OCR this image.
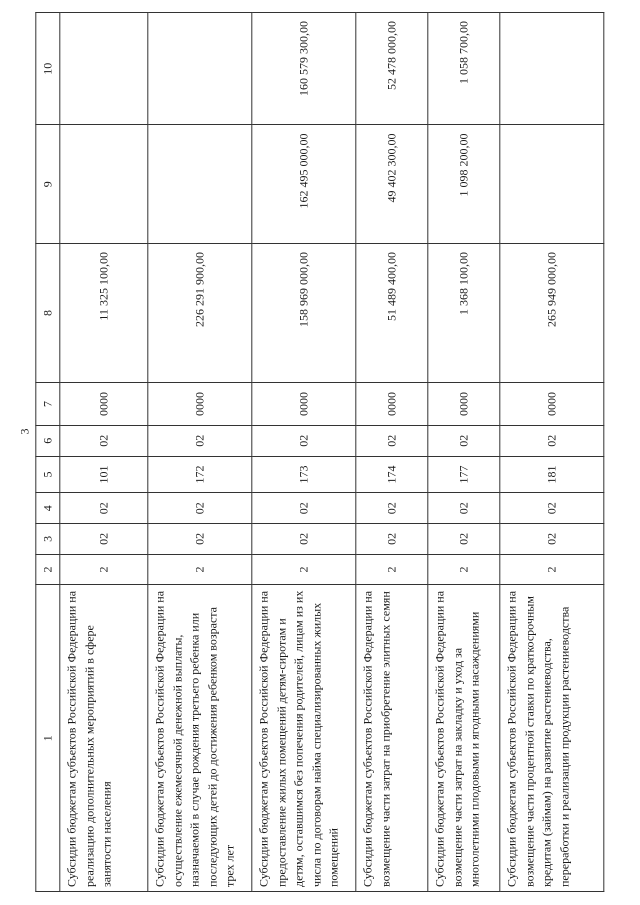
3
1	2	3	4	5	6	7	8	9	10
Субсидии бюджетам субъектов Российской Федерации на реализацию дополнительных мероприятий в сфере занятости населения	2	02	02	101	02	0000	11 325 100,00		
Субсидии бюджетам субъектов Российской Федерации на осуществление ежемесячной денежной выплаты, назначаемой в случае рождения третьего ребенка или последующих детей до достижения ребенком возраста трех лет	2	02	02	172	02	0000	226 291 900,00		
Субсидии бюджетам субъектов Российской Федерации на предоставление жилых помещений детям-сиротам и детям, оставшимся без попечения родителей, лицам из их числа по договорам найма специализированных жилых помещений	2	02	02	173	02	0000	158 969 000,00	162 495 000,00	160 579 300,00
Субсидии бюджетам субъектов Российской Федерации на возмещение части затрат на приобретение элитных семян	2	02	02	174	02	0000	51 489 400,00	49 402 300,00	52 478 000,00
Субсидии бюджетам субъектов Российской Федерации на возмещение части затрат на закладку и уход за многолетними плодовыми и ягодными насаждениями	2	02	02	177	02	0000	1 368 100,00	1 098 200,00	1 058 700,00
Субсидии бюджетам субъектов Российской Федерации на возмещение части процентной ставки по краткосрочным кредитам (займам) на развитие растениеводства, переработки и реализации продукции растениеводства	2	02	02	181	02	0000	265 949 000,00		
